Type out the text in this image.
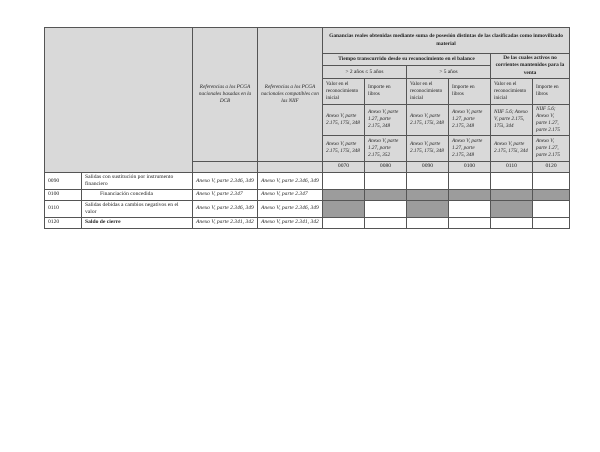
		Referencias a los PCGA nacionales basadas en la DCB	Referencias a los PCGA nacionales compatibles con las NIIF	Ganancias reales obtenidas mediante suma de posesión distintas de las clasificadas como inmovilizado material					
				Tiempo transcurrido desde su reconocimiento en el balance				De las cuales activos no corrientes mantenidos para la venta	
				> 2 años ≤ 5 años		> 5 años			
				Valor en el reconocimiento inicial	Importe en libros	Valor en el reconocimiento inicial	Importe en libros	Valor en el reconocimiento inicial	Importe en libros
				Anexo V, parte 2.175, 175i, 348	Anexo V, parte 1.27, parte 2.175, 348	Anexo V, parte 2.175, 175i, 348	Anexo V, parte 1.27, parte 2.175, 348	NIIF 5.6; Anexo V, parte 2.175, 175i, 344	NIIF 5.6; Anexo V, parte 1.27, parte 2.175
				Anexo V, parte 2.175, 175i, 348	Anexo V, parte 1.27, parte 2.175, 352	Anexo V, parte 2.175, 175i, 348	Anexo V, parte 1.27, parte 2.175, 348	Anexo V, parte 2.175, 175i, 344	Anexo V, parte 1.27, parte 2.175
				0070	0080	0090	0100	0110	0120
0090	Salidas con sustitución por instrumento financiero	Anexo V, parte 2.346, 349	Anexo V, parte 2.346, 349						
0100	Financiación concedida	Anexo V, parte 2.347	Anexo V, parte 2.347						
0110	Salidas debidas a cambios negativos en el valor	Anexo V, parte 2.346, 349	Anexo V, parte 2.346, 349						
0120	Saldo de cierre	Anexo V, parte 2.341, 342	Anexo V, parte 2.341, 342						
